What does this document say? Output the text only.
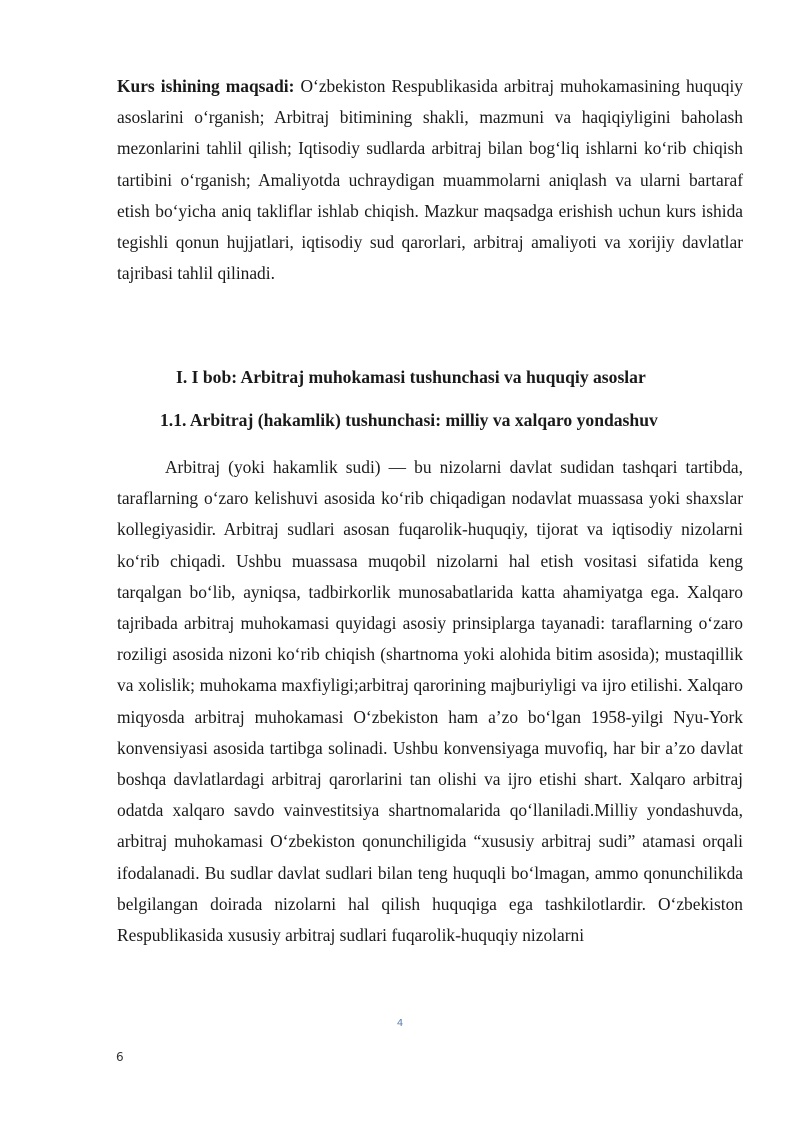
Kurs ishining maqsadi: O‘zbekiston Respublikasida arbitraj muhokamasining huquqiy asoslarini o‘rganish; Arbitraj bitimining shakli, mazmuni va haqiqiyligini baholash mezonlarini tahlil qilish; Iqtisodiy sudlarda arbitraj bilan bog‘liq ishlarni ko‘rib chiqish tartibini o‘rganish; Amaliyotda uchraydigan muammolarni aniqlash va ularni bartaraf etish bo‘yicha aniq takliflar ishlab chiqish. Mazkur maqsadga erishish uchun kurs ishida tegishli qonun hujjatlari, iqtisodiy sud qarorlari, arbitraj amaliyoti va xorijiy davlatlar tajribasi tahlil qilinadi.

I. I bob: Arbitraj muhokamasi tushunchasi va huquqiy asoslar
1.1. Arbitraj (hakamlik) tushunchasi: milliy va xalqaro yondashuv

Arbitraj (yoki hakamlik sudi) — bu nizolarni davlat sudidan tashqari tartibda, taraflarning o‘zaro kelishuvi asosida ko‘rib chiqadigan nodavlat muassasa yoki shaxslar kollegiyasidir. Arbitraj sudlari asosan fuqarolik-huquqiy, tijorat va iqtisodiy nizolarni ko‘rib chiqadi. Ushbu muassasa muqobil nizolarni hal etish vositasi sifatida keng tarqalgan bo‘lib, ayniqsa, tadbirkorlik munosabatlarida katta ahamiyatga ega. Xalqaro tajribada arbitraj muhokamasi quyidagi asosiy prinsiplarga tayanadi: taraflarning o‘zaro roziligi asosida nizoni ko‘rib chiqish (shartnoma yoki alohida bitim asosida); mustaqillik va xolislik; muhokama maxfiyligi;arbitraj qarorining majburiyligi va ijro etilishi. Xalqaro miqyosda arbitraj muhokamasi O‘zbekiston ham a’zo bo‘lgan 1958-yilgi Nyu-York konvensiyasi asosida tartibga solinadi. Ushbu konvensiyaga muvofiq, har bir a’zo davlat boshqa davlatlardagi arbitraj qarorlarini tan olishi va ijro etishi shart. Xalqaro arbitraj odatda xalqaro savdo vainvestitsiya shartnomalarida qo‘llaniladi.Milliy yondashuvda, arbitraj muhokamasi O‘zbekiston qonunchiligida “xususiy arbitraj sudi” atamasi orqali ifodalanadi. Bu sudlar davlat sudlari bilan teng huquqli bo‘lmagan, ammo qonunchilikda belgilangan doirada nizolarni hal qilish huquqiga ega tashkilotlardir. O‘zbekiston Respublikasida xususiy arbitraj sudlari fuqarolik-huquqiy nizolarni

4
6
